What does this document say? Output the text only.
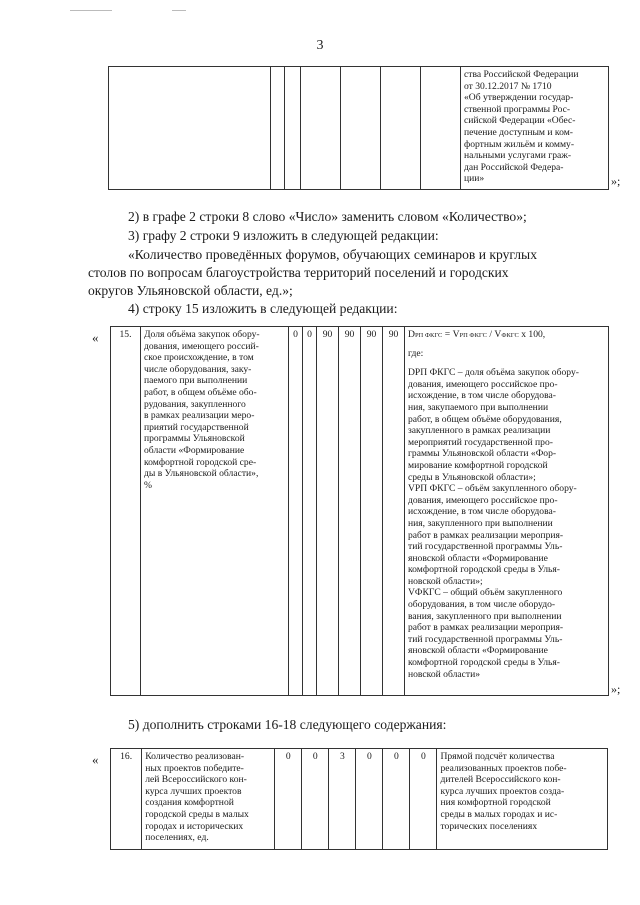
3

ства Российской Федерации
от 30.12.2017 № 1710
«Об утверждении государ-
ственной программы Рос-
сийской Федерации «Обес-
печение доступным и ком-
фортным жильём и комму-
нальными услугами граж-
дан Российской Федера-
ции»	»;
2) в графе 2 строки 8 слово «Число» заменить словом «Количество»;
3) графу 2 строки 9 изложить в следующей редакции:
«Количество проведённых форумов, обучающих семинаров и круглых
столов по вопросам благоустройства территорий поселений и городских
округов Ульяновской области, ед.»;
4) строку 15 изложить в следующей редакции:
« 15.	Доля объёма закупок обору-
дования, имеющего россий-
ское происхождение, в том
числе оборудования, заку-
паемого при выполнении
работ, в общем объёме обо-
рудования, закупленного
в рамках реализации меро-
приятий государственной
программы Ульяновской
области «Формирование
комфортной городской сре-
ды в Ульяновской области»,
%
	0	0	90	90	90	90	DРП ФКГС = VРП ФКГС / VФКГС x 100,
где:
DРП ФКГС – доля объёма закупок обору-
дования, имеющего российское про-
исхождение, в том числе оборудова-
ния, закупаемого при выполнении
работ, в общем объёме оборудования,
закупленного в рамках реализации
мероприятий государственной про-
граммы Ульяновской области «Фор-
мирование комфортной городской
среды в Ульяновской области»;
VРП ФКГС – объём закупленного обору-
дования, имеющего российское про-
исхождение, в том числе оборудова-
ния, закупленного при выполнении
работ в рамках реализации мероприя-
тий государственной программы Уль-
яновской области «Формирование
комфортной городской среды в Улья-
новской области»;
VФКГС – общий объём закупленного
оборудования, в том числе оборудо-
вания, закупленного при выполнении
работ в рамках реализации мероприя-
тий государственной программы Уль-
яновской области «Формирование
комфортной городской среды в Улья-
новской области»
»;
5) дополнить строками 16-18 следующего содержания:
« 16.	Количество реализован-
ных проектов победите-
лей Всероссийского кон-
курса лучших проектов
создания комфортной
городской среды в малых
городах и исторических
поселениях, ед.
	0	0	3	0	0	0	Прямой подсчёт количества
реализованных проектов побе-
дителей Всероссийского кон-
курса лучших проектов созда-
ния комфортной городской
среды в малых городах и ис-
торических поселениях
